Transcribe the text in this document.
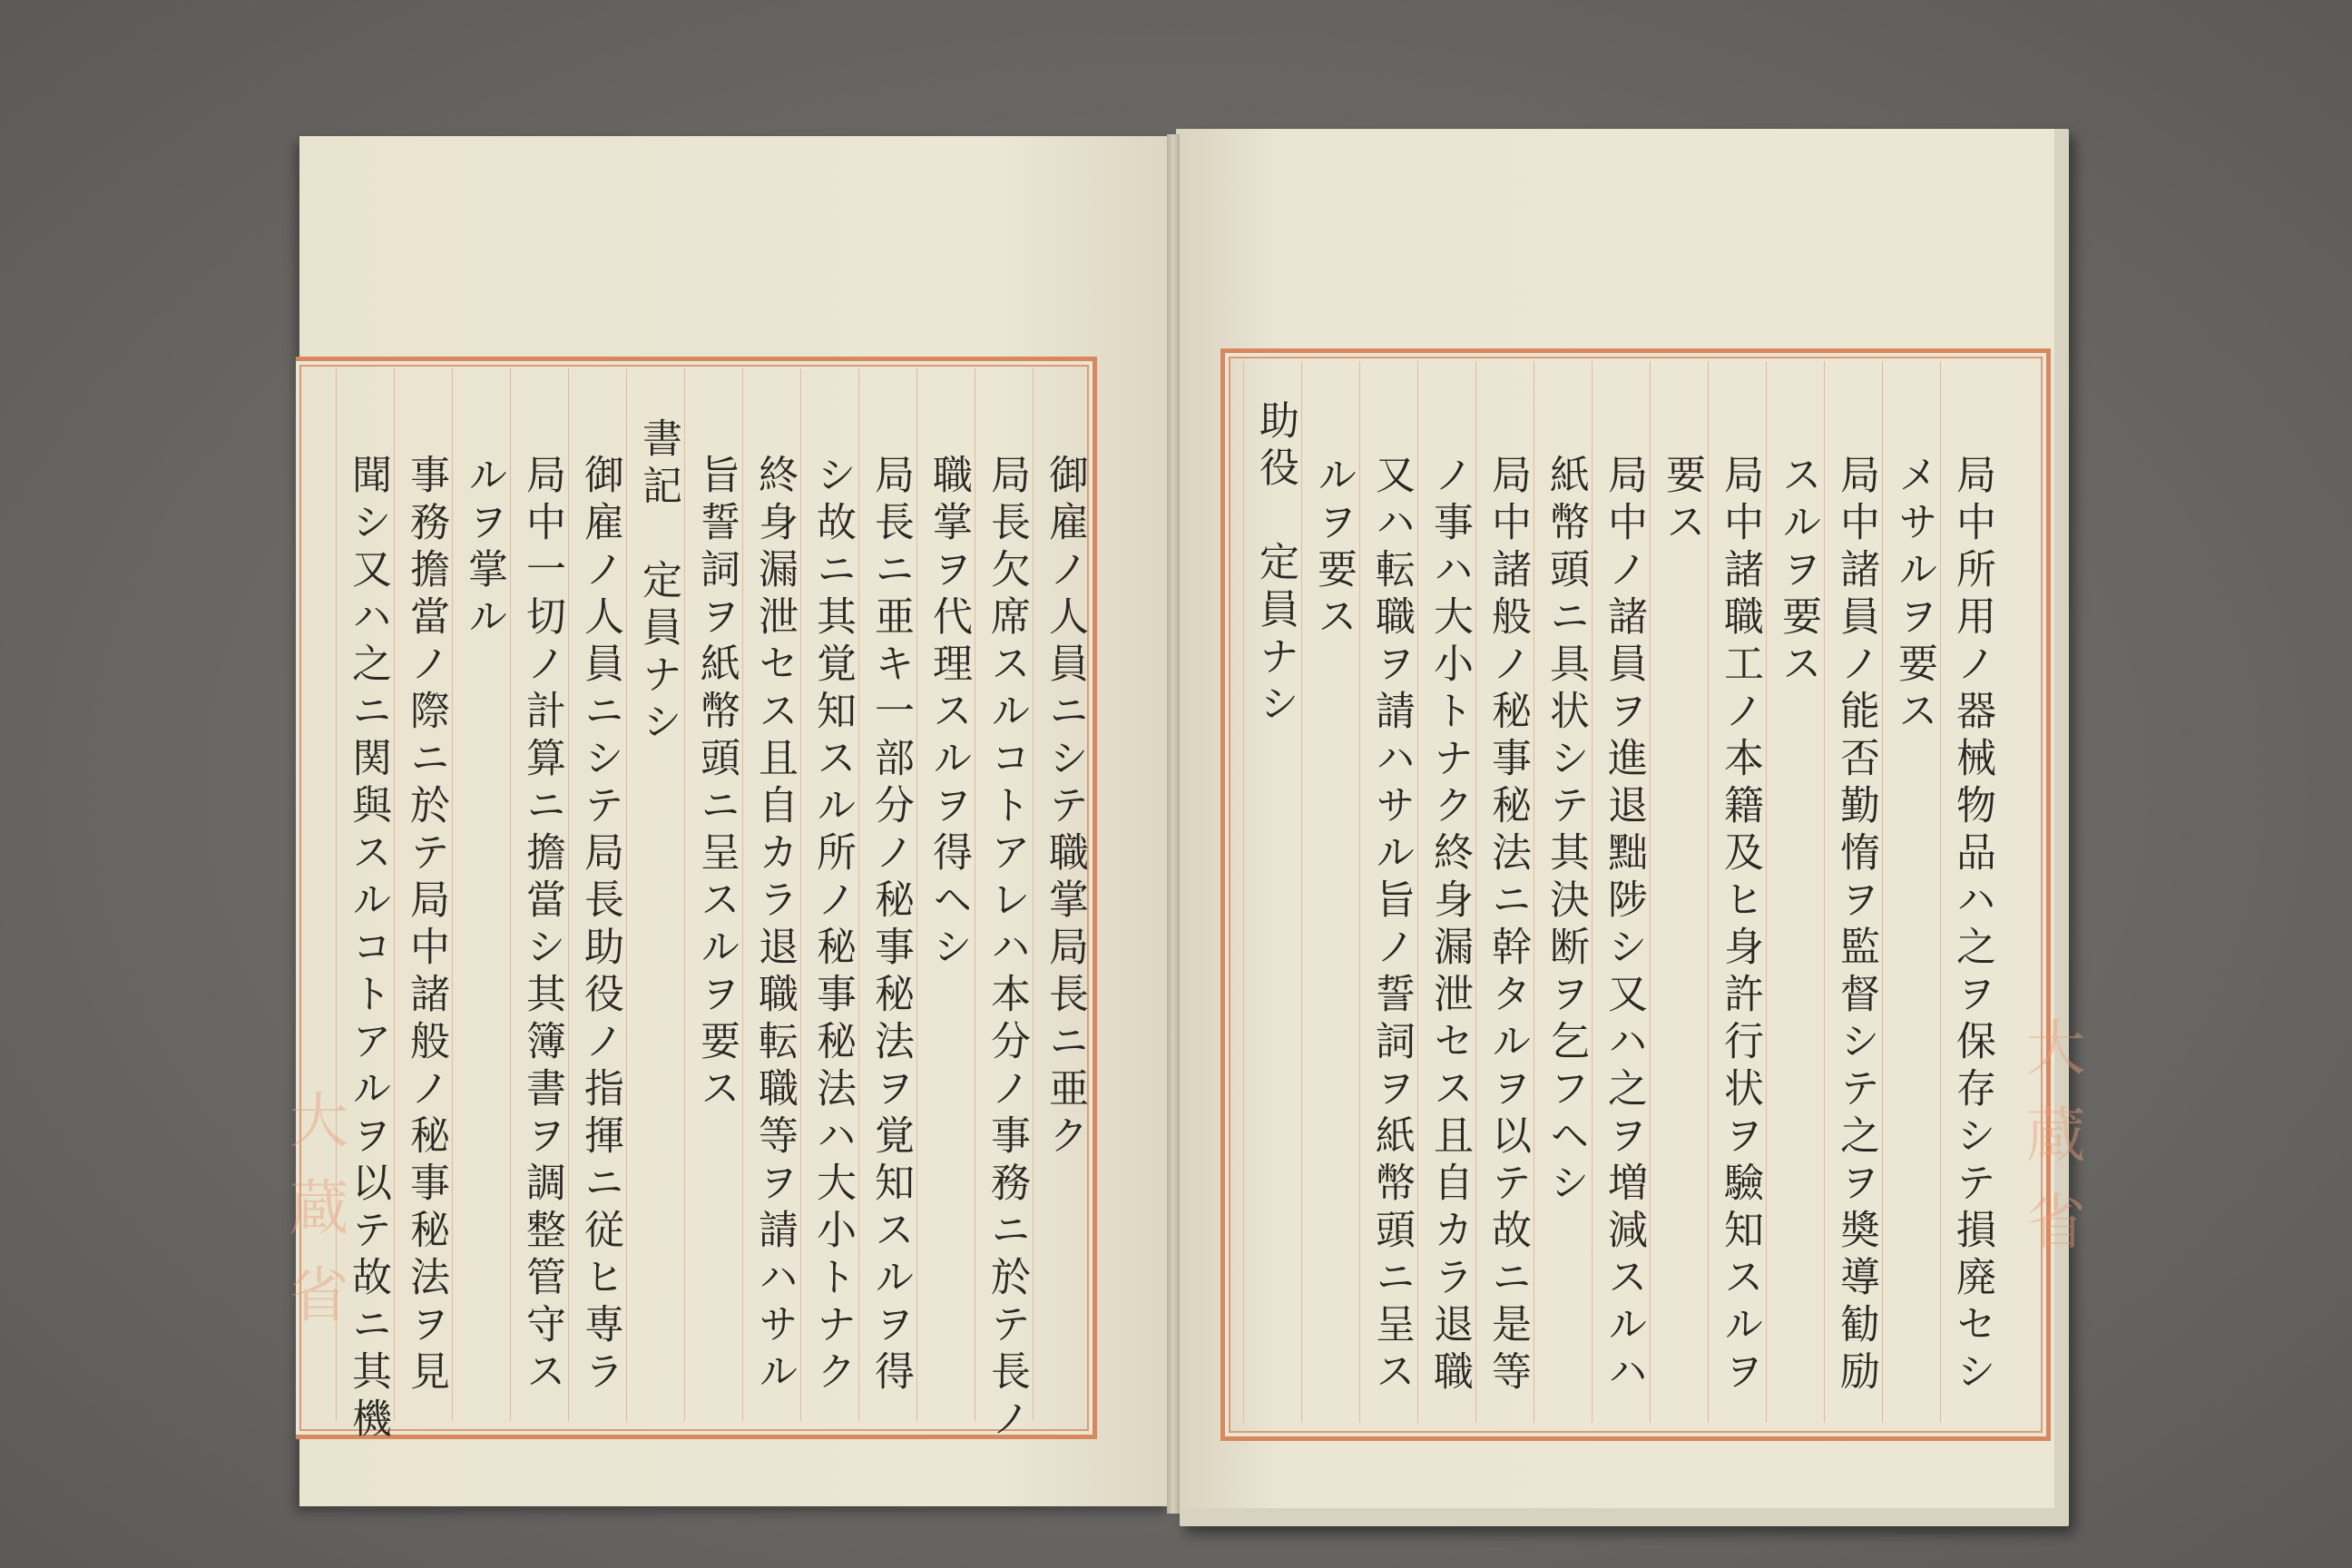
御雇ノ人員ニシテ職掌局長ニ亜ク
局長欠席スルコトアレハ本分ノ事務ニ於テ長ノ
職掌ヲ代理スルヲ得ヘシ
局長ニ亜キ一部分ノ秘事秘法ヲ覚知スルヲ得
シ故ニ其覚知スル所ノ秘事秘法ハ大小トナク
終身漏泄セス且自カラ退職転職等ヲ請ハサル
旨誓詞ヲ紙幣頭ニ呈スルヲ要ス
書記　定員ナシ
御雇ノ人員ニシテ局長助役ノ指揮ニ従ヒ専ラ
局中一切ノ計算ニ擔當シ其簿書ヲ調整管守ス
ルヲ掌ル
事務擔當ノ際ニ於テ局中諸般ノ秘事秘法ヲ見
聞シ又ハ之ニ関與スルコトアルヲ以テ故ニ其機	局中所用ノ器械物品ハ之ヲ保存シテ損廃セシ
メサルヲ要ス
局中諸員ノ能否勤惰ヲ監督シテ之ヲ奬導勧励
スルヲ要ス
局中諸職工ノ本籍及ヒ身許行状ヲ驗知スルヲ
要ス
局中ノ諸員ヲ進退黜陟シ又ハ之ヲ増減スルハ
紙幣頭ニ具状シテ其決断ヲ乞フヘシ
局中諸般ノ秘事秘法ニ幹タルヲ以テ故ニ是等
ノ事ハ大小トナク終身漏泄セス且自カラ退職
又ハ転職ヲ請ハサル旨ノ誓詞ヲ紙幣頭ニ呈ス
ルヲ要ス
助役　定員ナシ
大蔵省	大蔵省
